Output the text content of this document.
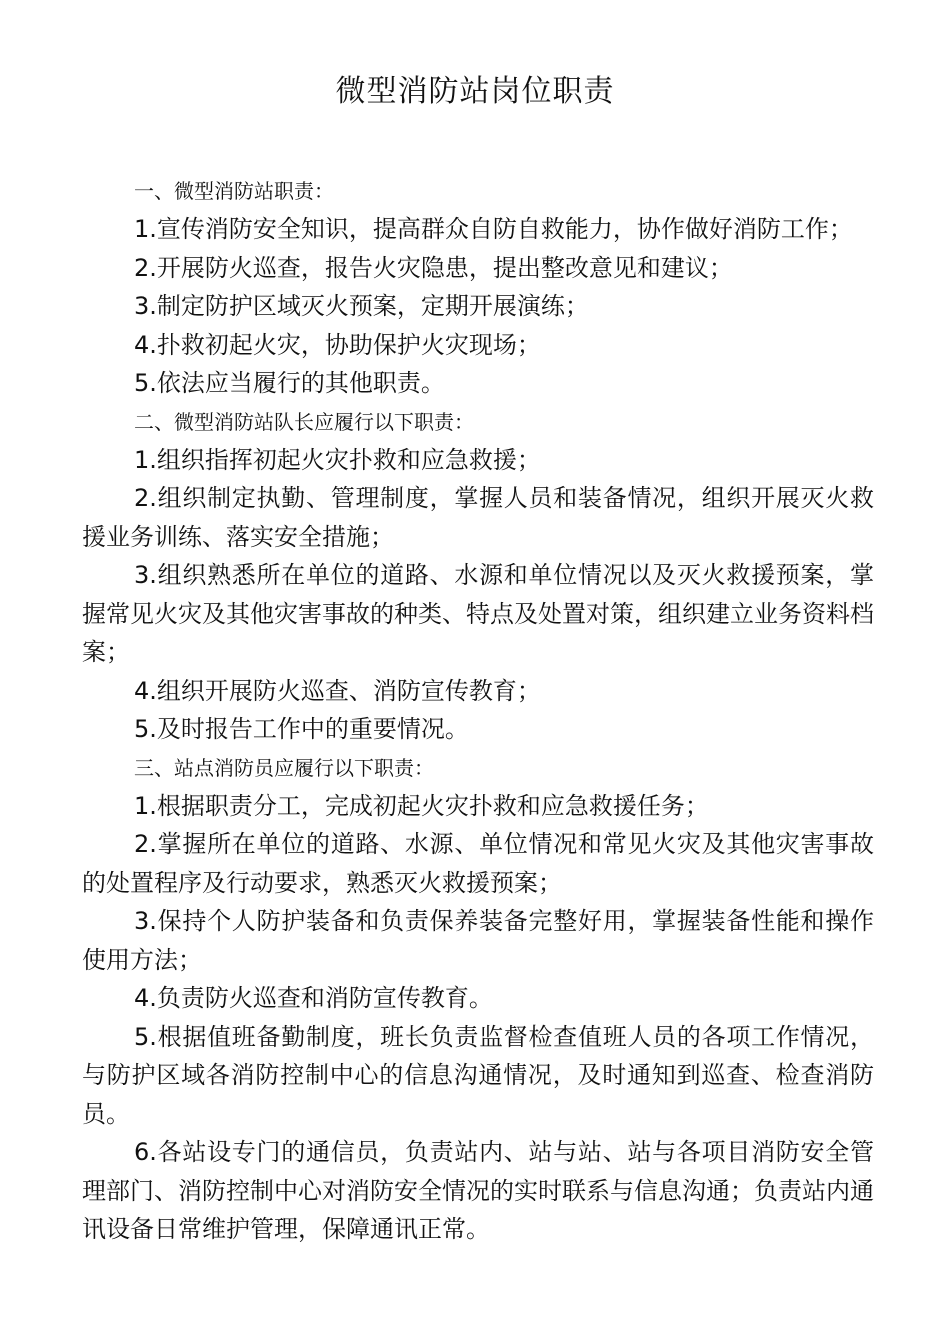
微型消防站岗位职责

一、微型消防站职责：

1.宣传消防安全知识，提高群众自防自救能力，协作做好消防工作；

2.开展防火巡查，报告火灾隐患，提出整改意见和建议；

3.制定防护区域灭火预案，定期开展演练；

4.扑救初起火灾，协助保护火灾现场；

5.依法应当履行的其他职责。

二、微型消防站队长应履行以下职责：

1.组织指挥初起火灾扑救和应急救援；

2.组织制定执勤、管理制度，掌握人员和装备情况，组织开展灭火救援业务训练、落实安全措施；

3.组织熟悉所在单位的道路、水源和单位情况以及灭火救援预案，掌握常见火灾及其他灾害事故的种类、特点及处置对策，组织建立业务资料档案；

4.组织开展防火巡查、消防宣传教育；

5.及时报告工作中的重要情况。

三、站点消防员应履行以下职责：

1.根据职责分工，完成初起火灾扑救和应急救援任务；

2.掌握所在单位的道路、水源、单位情况和常见火灾及其他灾害事故的处置程序及行动要求，熟悉灭火救援预案；

3.保持个人防护装备和负责保养装备完整好用，掌握装备性能和操作使用方法；

4.负责防火巡查和消防宣传教育。

5.根据值班备勤制度，班长负责监督检查值班人员的各项工作情况，与防护区域各消防控制中心的信息沟通情况，及时通知到巡查、检查消防员。

6.各站设专门的通信员，负责站内、站与站、站与各项目消防安全管理部门、消防控制中心对消防安全情况的实时联系与信息沟通；负责站内通讯设备日常维护管理，保障通讯正常。
